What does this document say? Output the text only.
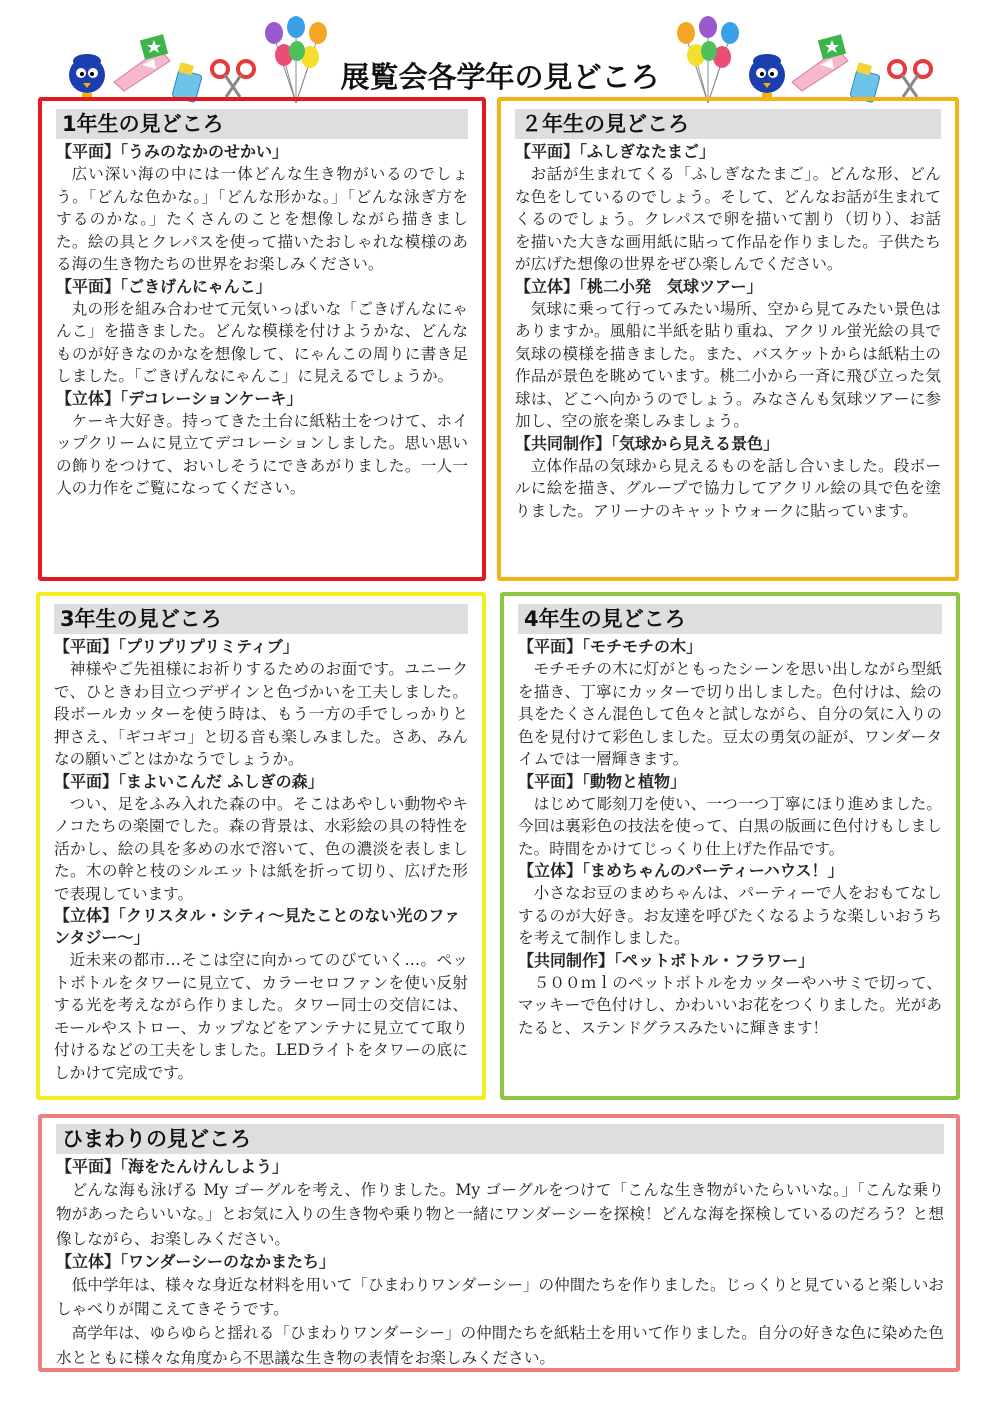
展覧会各学年の見どころ
1年生の見どころ
【平面】「うみのなかのせかい」
広い深い海の中には一体どんな生き物がいるのでしょう。「どんな色かな。」「どんな形かな。」「どんな泳ぎ方をするのかな。」たくさんのことを想像しながら描きました。絵の具とクレパスを使って描いたおしゃれな模様のある海の生き物たちの世界をお楽しみください。
【平面】「ごきげんにゃんこ」
丸の形を組み合わせて元気いっぱいな「ごきげんなにゃんこ」を描きました。どんな模様を付けようかな、どんなものが好きなのかなを想像して、にゃんこの周りに書き足しました。「ごきげんなにゃんこ」に見えるでしょうか。
【立体】「デコレーションケーキ」
ケーキ大好き。持ってきた土台に紙粘土をつけて、ホイップクリームに見立てデコレーションしました。思い思いの飾りをつけて、おいしそうにできあがりました。一人一人の力作をご覧になってください。
２年生の見どころ
【平面】「ふしぎなたまご」
お話が生まれてくる「ふしぎなたまご」。どんな形、どんな色をしているのでしょう。そして、どんなお話が生まれてくるのでしょう。クレパスで卵を描いて割り（切り）、お話を描いた大きな画用紙に貼って作品を作りました。子供たちが広げた想像の世界をぜひ楽しんでください。
【立体】「桃二小発　気球ツアー」
気球に乗って行ってみたい場所、空から見てみたい景色はありますか。風船に半紙を貼り重ね、アクリル蛍光絵の具で気球の模様を描きました。また、バスケットからは紙粘土の作品が景色を眺めています。桃二小から一斉に飛び立った気球は、どこへ向かうのでしょう。みなさんも気球ツアーに参加し、空の旅を楽しみましょう。
【共同制作】「気球から見える景色」
立体作品の気球から見えるものを話し合いました。段ボールに絵を描き、グループで協力してアクリル絵の具で色を塗りました。アリーナのキャットウォークに貼っています。
3年生の見どころ
【平面】「プリプリプリミティブ」
神様やご先祖様にお祈りするためのお面です。ユニークで、ひときわ目立つデザインと色づかいを工夫しました。段ボールカッターを使う時は、もう一方の手でしっかりと押さえ、「ギコギコ」と切る音も楽しみました。さあ、みんなの願いごとはかなうでしょうか。
【平面】「まよいこんだ ふしぎの森」
つい、足をふみ入れた森の中。そこはあやしい動物やキノコたちの楽園でした。森の背景は、水彩絵の具の特性を活かし、絵の具を多めの水で溶いて、色の濃淡を表しました。木の幹と枝のシルエットは紙を折って切り、広げた形で表現しています。
【立体】「クリスタル・シティ～見たことのない光のファンタジー～」
近未来の都市…そこは空に向かってのびていく…。ペットボトルをタワーに見立て、カラーセロファンを使い反射する光を考えながら作りました。タワー同士の交信には、モールやストロー、カップなどをアンテナに見立てて取り付けるなどの工夫をしました。LEDライトをタワーの底にしかけて完成です。
4年生の見どころ
【平面】「モチモチの木」
モチモチの木に灯がともったシーンを思い出しながら型紙を描き、丁寧にカッターで切り出しました。色付けは、絵の具をたくさん混色して色々と試しながら、自分の気に入りの色を見付けて彩色しました。豆太の勇気の証が、ワンダータイムでは一層輝きます。
【平面】「動物と植物」
はじめて彫刻刀を使い、一つ一つ丁寧にほり進めました。今回は裏彩色の技法を使って、白黒の版画に色付けもしました。時間をかけてじっくり仕上げた作品です。
【立体】「まめちゃんのパーティーハウス！」
小さなお豆のまめちゃんは、パーティーで人をおもてなしするのが大好き。お友達を呼びたくなるような楽しいおうちを考えて制作しました。
【共同制作】「ペットボトル・フラワー」
５００ｍｌのペットボトルをカッターやハサミで切って、マッキーで色付けし、かわいいお花をつくりました。光があたると、ステンドグラスみたいに輝きます！
ひまわりの見どころ
【平面】「海をたんけんしよう」
どんな海も泳げる My ゴーグルを考え、作りました。My ゴーグルをつけて「こんな生き物がいたらいいな。」「こんな乗り物があったらいいな。」とお気に入りの生き物や乗り物と一緒にワンダーシーを探検！どんな海を探検しているのだろう？と想像しながら、お楽しみください。
【立体】「ワンダーシーのなかまたち」
低中学年は、様々な身近な材料を用いて「ひまわりワンダーシー」の仲間たちを作りました。じっくりと見ていると楽しいおしゃべりが聞こえてきそうです。
高学年は、ゆらゆらと揺れる「ひまわりワンダーシー」の仲間たちを紙粘土を用いて作りました。自分の好きな色に染めた色水とともに様々な角度から不思議な生き物の表情をお楽しみください。
